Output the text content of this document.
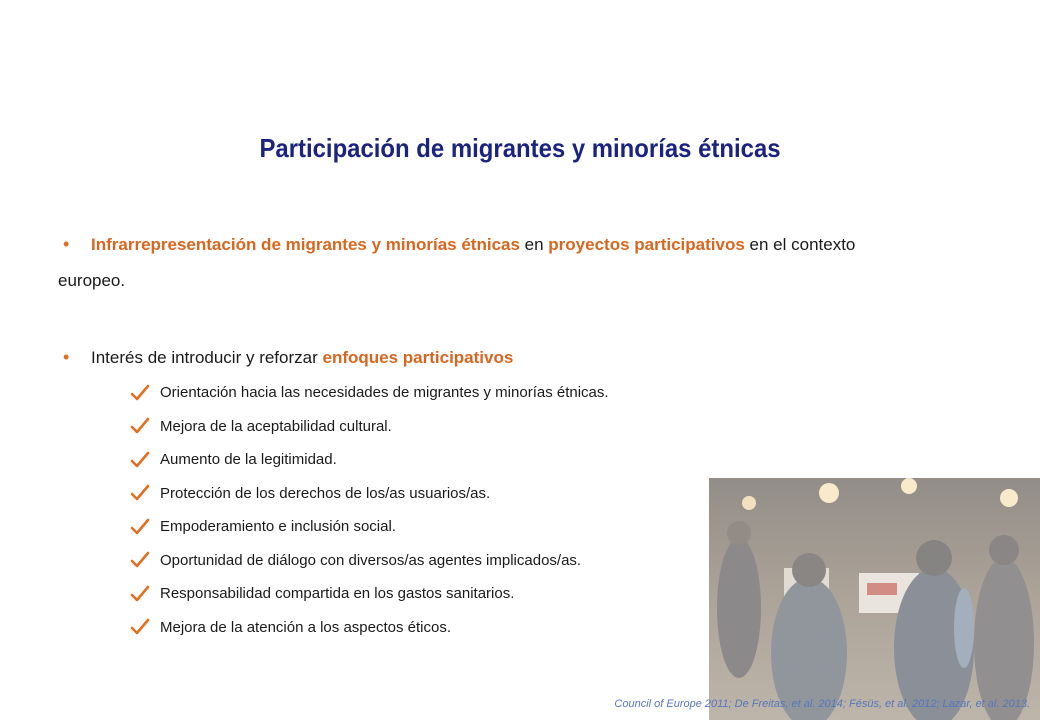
Participación de migrantes y minorías étnicas
• Infrarrepresentación de migrantes y minorías étnicas en proyectos participativos en el contexto
europeo.
• Interés de introducir y reforzar enfoques participativos
Orientación hacia las necesidades de migrantes y minorías étnicas.
Mejora de la aceptabilidad cultural.
Aumento de la legitimidad.
Protección de los derechos de los/as usuarios/as.
Empoderamiento e inclusión social.
Oportunidad de diálogo con diversos/as agentes implicados/as.
Responsabilidad compartida en los gastos sanitarios.
Mejora de la atención a los aspectos éticos.
Council of Europe 2011; De Freitas, et al. 2014; Fésüs, et al. 2012; Lazar, et al. 2013.
